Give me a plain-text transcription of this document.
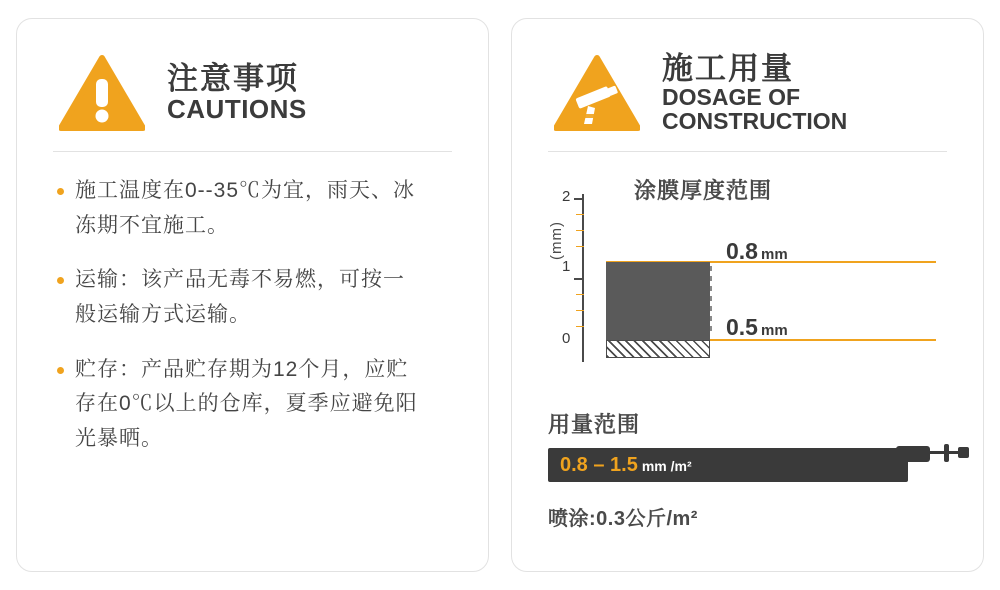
注意事项
CAUTIONS
施工温度在0--35℃为宜，雨天、冰冻期不宜施工。
运输：该产品无毒不易燃，可按一般运输方式运输。
贮存：产品贮存期为12个月，应贮存在0℃以上的仓库，夏季应避免阳光暴晒。
施工用量
DOSAGE OF CONSTRUCTION
涂膜厚度范围
(mm)
2
1
0
0.8 mm
0.5 mm
用量范围
0.8 – 1.5 mm /m²
喷涂:0.3公斤/m²
